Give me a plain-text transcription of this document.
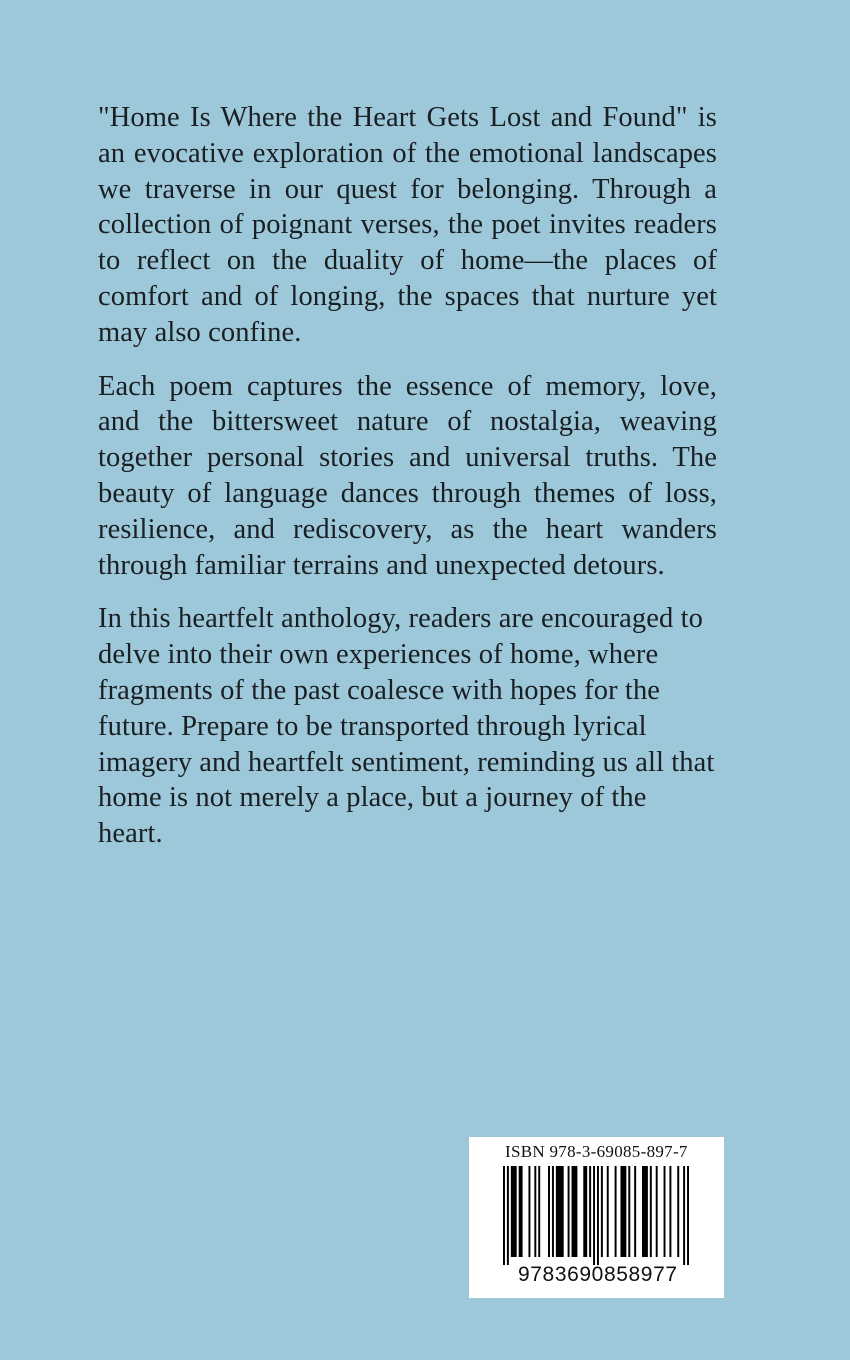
"Home Is Where the Heart Gets Lost and Found" is an evocative exploration of the emotional landscapes we traverse in our quest for belonging. Through a collection of poignant verses, the poet invites readers to reflect on the duality of home—the places of comfort and of longing, the spaces that nurture yet may also confine.

Each poem captures the essence of memory, love, and the bittersweet nature of nostalgia, weaving together personal stories and universal truths. The beauty of language dances through themes of loss, resilience, and rediscovery, as the heart wanders through familiar terrains and unexpected detours.

In this heartfelt anthology, readers are encouraged to delve into their own experiences of home, where fragments of the past coalesce with hopes for the future. Prepare to be transported through lyrical imagery and heartfelt sentiment, reminding us all that home is not merely a place, but a journey of the heart.

ISBN 978-3-69085-897-7
9783690858977
